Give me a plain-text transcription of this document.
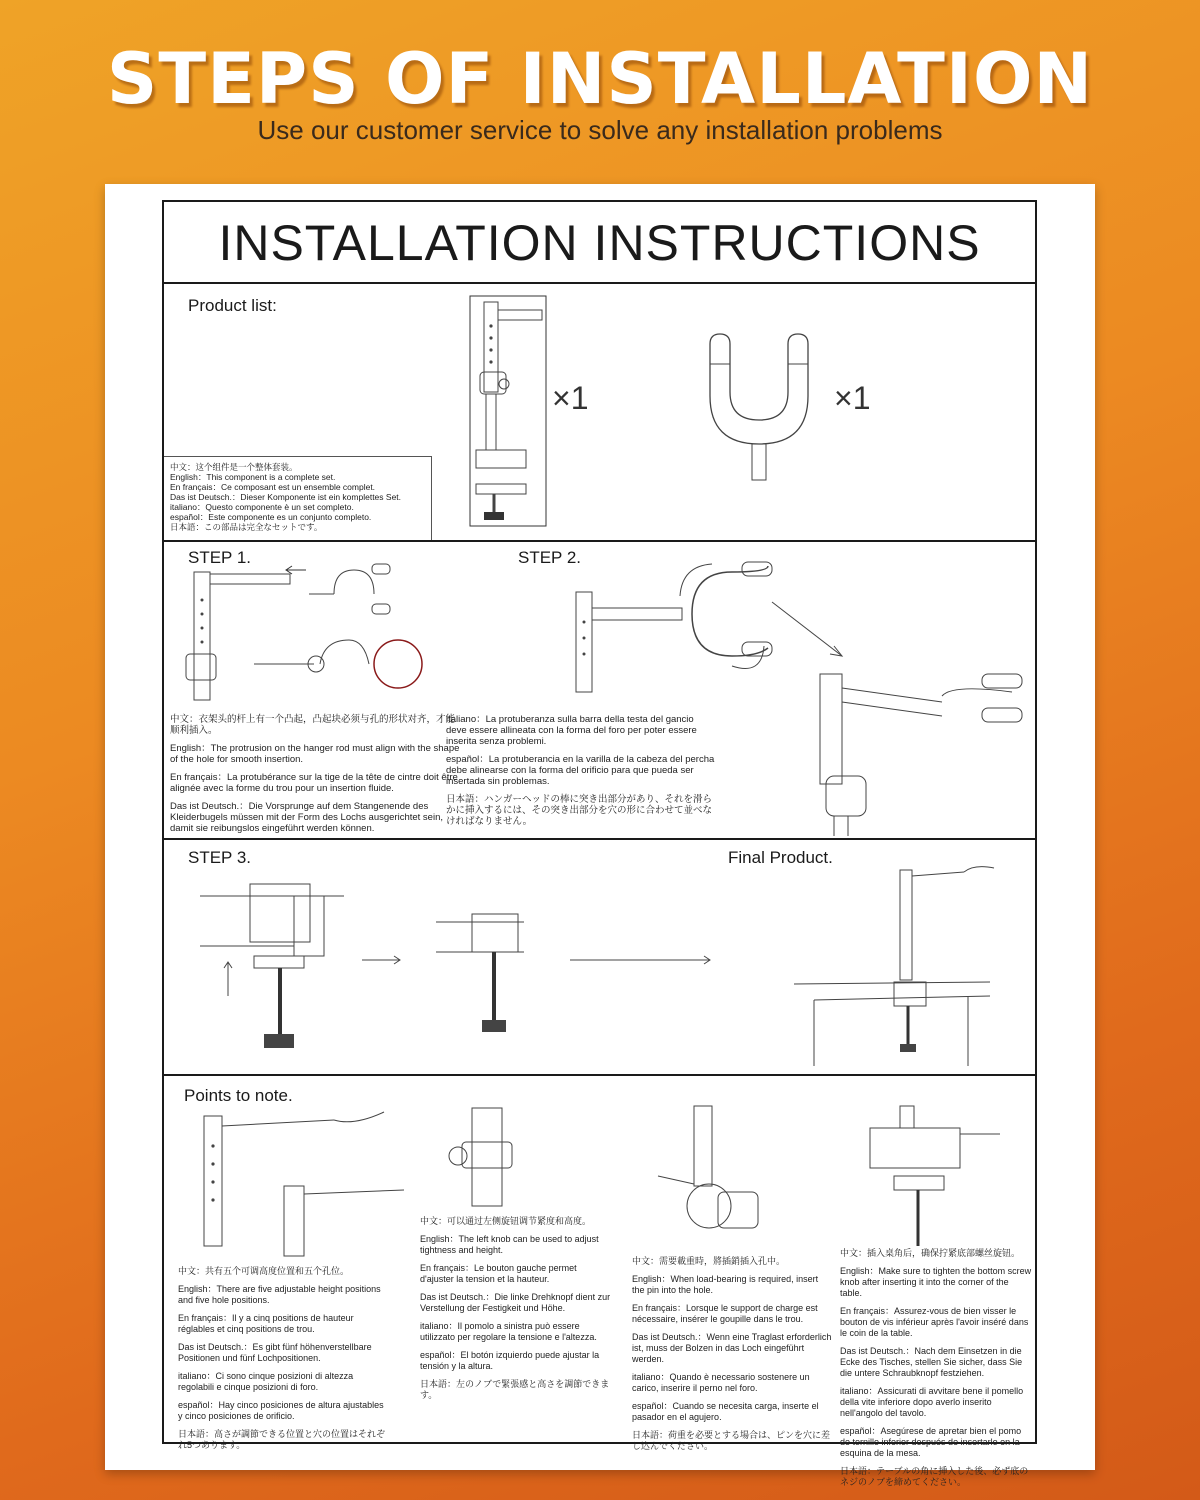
STEPS OF INSTALLATION
Use our customer service to solve any installation problems
INSTALLATION INSTRUCTIONS
Product list:
中文：这个组件是一个整体套装。
English：This component is a complete set.
En français：Ce composant est un ensemble complet.
Das ist Deutsch.：Dieser Komponente ist ein komplettes Set.
italiano：Questo componente è un set completo.
español：Este componente es un conjunto completo.
日本語：この部品は完全なセットです。
×1	×1
STEP 1.	STEP 2.

中文：衣架头的杆上有一个凸起，凸起块必须与孔的形状对齐，才能顺利插入。

English：The protrusion on the hanger rod must align with the shape of the hole for smooth insertion.

En français：La protubérance sur la tige de la tête de cintre doit être alignée avec la forme du trou pour un insertion fluide.

Das ist Deutsch.：Die Vorsprunge auf dem Stangenende des Kleiderbugels müssen mit der Form des Lochs ausgerichtet sein, damit sie reibungslos eingeführt werden können.

italiano：La protuberanza sulla barra della testa del gancio deve essere allineata con la forma del foro per poter essere inserita senza problemi.

español：La protuberancia en la varilla de la cabeza del percha debe alinearse con la forma del orificio para que pueda ser insertada sin problemas.

日本語：ハンガーヘッドの棒に突き出部分があり、それを滑らかに挿入するには、その突き出部分を穴の形に合わせて並べなければなりません。

STEP 3.	Final Product.
Points to note.

中文：共有五个可调高度位置和五个孔位。

English：There are five adjustable height positions and five hole positions.

En français：Il y a cinq positions de hauteur réglables et cinq positions de trou.

Das ist Deutsch.：Es gibt fünf höhenverstellbare Positionen und fünf Lochpositionen.

italiano：Ci sono cinque posizioni di altezza regolabili e cinque posizioni di foro.

español：Hay cinco posiciones de altura ajustables y cinco posiciones de orificio.

日本語：高さが調節できる位置と穴の位置はそれぞれ5つあります。

中文：可以通过左侧旋钮调节紧度和高度。

English：The left knob can be used to adjust tightness and height.

En français：Le bouton gauche permet d'ajuster la tension et la hauteur.

Das ist Deutsch.：Die linke Drehknopf dient zur Verstellung der Festigkeit und Höhe.

italiano：Il pomolo a sinistra può essere utilizzato per regolare la tensione e l'altezza.

español：El botón izquierdo puede ajustar la tensión y la altura.

日本語：左のノブで緊張感と高さを調節できます。

中文：需要載重時，將插銷插入孔中。

English：When load-bearing is required, insert the pin into the hole.

En français：Lorsque le support de charge est nécessaire, insérer le goupille dans le trou.

Das ist Deutsch.：Wenn eine Traglast erforderlich ist, muss der Bolzen in das Loch eingeführt werden.

italiano：Quando è necessario sostenere un carico, inserire il perno nel foro.

español：Cuando se necesita carga, inserte el pasador en el agujero.

日本語：荷重を必要とする場合は、ピンを穴に差し込んでください。

中文：插入桌角后，确保拧紧底部螺丝旋钮。

English：Make sure to tighten the bottom screw knob after inserting it into the corner of the table.

En français：Assurez-vous de bien visser le bouton de vis inférieur après l'avoir inséré dans le coin de la table.

Das ist Deutsch.：Nach dem Einsetzen in die Ecke des Tisches, stellen Sie sicher, dass Sie die untere Schraubknopf festziehen.

italiano：Assicurati di avvitare bene il pomello della vite inferiore dopo averlo inserito nell'angolo del tavolo.

español：Asegúrese de apretar bien el pomo de tornillo inferior después de insertarlo en la esquina de la mesa.

日本語：テーブルの角に挿入した後、必ず底のネジのノブを締めてください。
